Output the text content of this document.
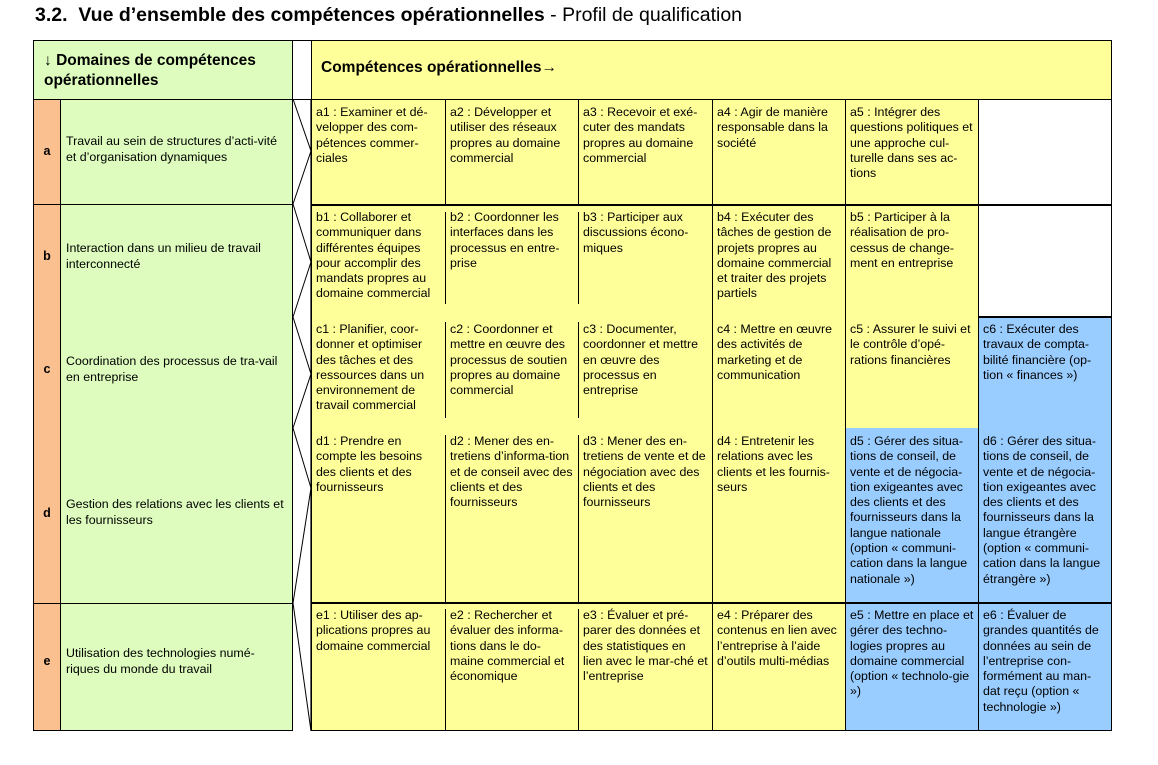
3.2. Vue d’ensemble des compétences opérationnelles - Profil de qualification
↓ Domaines de compétences opérationnelles
Compétences opérationnelles→
a
Travail au sein de structures d’acti-vité et d’organisation dynamiques
b
c
d
Interaction dans un milieu de travail interconnecté
Coordination des processus de tra-vail en entreprise
Gestion des relations avec les clients et les fournisseurs
e
Utilisation des technologies numé-riques du monde du travail
a1 : Examiner et dé-velopper des com-pétences commer-ciales
a2 : Développer et utiliser des réseaux propres au domaine commercial
a3 : Recevoir et exé-cuter des mandats propres au domaine commercial
a4 : Agir de manière responsable dans la société
a5 : Intégrer des questions politiques et une approche cul-turelle dans ses ac-tions
b1 : Collaborer et communiquer dans différentes équipes pour accomplir des mandats propres au domaine commercial
b2 : Coordonner les interfaces dans les processus en entre-prise
b3 : Participer aux discussions écono-miques
b4 : Exécuter des tâches de gestion de projets propres au domaine commercial et traiter des projets partiels
b5 : Participer à la réalisation de pro-cessus de change-ment en entreprise
c1 : Planifier, coor-donner et optimiser des tâches et des ressources dans un environnement de travail commercial
c2 : Coordonner et mettre en œuvre des processus de soutien propres au domaine commercial
c3 : Documenter, coordonner et mettre en œuvre des processus en entreprise
c4 : Mettre en œuvre des activités de marketing et de communication
c5 : Assurer le suivi et le contrôle d’opé-rations financières
c6 : Exécuter des travaux de compta-bilité financière (op-tion « finances »)
d1 : Prendre en compte les besoins des clients et des fournisseurs
d2 : Mener des en-tretiens d’informa-tion et de conseil avec des clients et des fournisseurs
d3 : Mener des en-tretiens de vente et de négociation avec des clients et des fournisseurs
d4 : Entretenir les relations avec les clients et les fournis-seurs
d5 : Gérer des situa-tions de conseil, de vente et de négocia-tion exigeantes avec des clients et des fournisseurs dans la langue nationale (option « communi-cation dans la langue nationale »)
d6 : Gérer des situa-tions de conseil, de vente et de négocia-tion exigeantes avec des clients et des fournisseurs dans la langue étrangère (option « communi-cation dans la langue étrangère »)
e1 : Utiliser des ap-plications propres au domaine commercial
e2 : Rechercher et évaluer des informa-tions dans le do-maine commercial et économique
e3 : Évaluer et pré-parer des données et des statistiques en lien avec le mar-ché et l’entreprise
e4 : Préparer des contenus en lien avec l’entreprise à l’aide d’outils multi-médias
e5 : Mettre en place et gérer des techno-logies propres au domaine commercial (option « technolo-gie »)
e6 : Évaluer de grandes quantités de données au sein de l’entreprise con-formément au man-dat reçu (option « technologie »)
